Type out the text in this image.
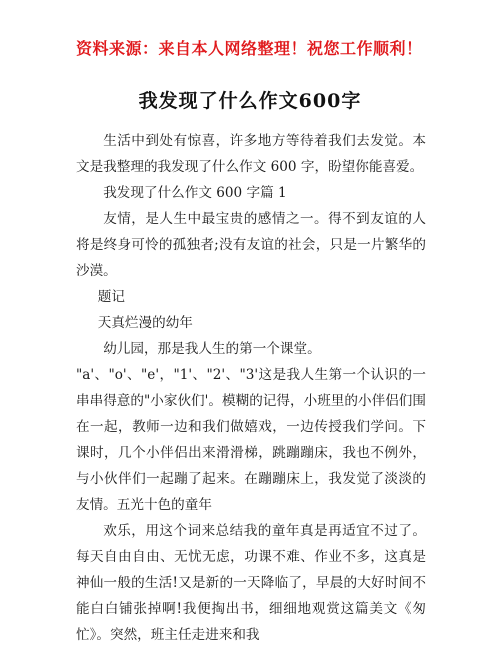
资料来源：来自本人网络整理！祝您工作顺利！
我发现了什么作文600字

生活中到处有惊喜，许多地方等待着我们去发觉。本文是我整理的我发现了什么作文 600 字，盼望你能喜爱。

我发现了什么作文 600 字篇 1

友情，是人生中最宝贵的感情之一。得不到友谊的人将是终身可怜的孤独者;没有友谊的社会，只是一片繁华的沙漠。

题记

天真烂漫的幼年

幼儿园，那是我人生的第一个课堂。

"a'、"o'、"e'，"1'、"2'、"3'这是我人生第一个认识的一串串得意的"小家伙们'。模糊的记得，小班里的小伴侣们围在一起，教师一边和我们做嬉戏，一边传授我们学问。下课时，几个小伴侣出来滑滑梯，跳蹦蹦床，我也不例外，与小伙伴们一起蹦了起来。在蹦蹦床上，我发觉了淡淡的友情。五光十色的童年

欢乐，用这个词来总结我的童年真是再适宜不过了。每天自由自由、无忧无虑，功课不难、作业不多，这真是神仙一般的生活!又是新的一天降临了，早晨的大好时间不能白白铺张掉啊!我便掏出书，细细地观赏这篇美文《匆忙》。突然，班主任走进来和我
